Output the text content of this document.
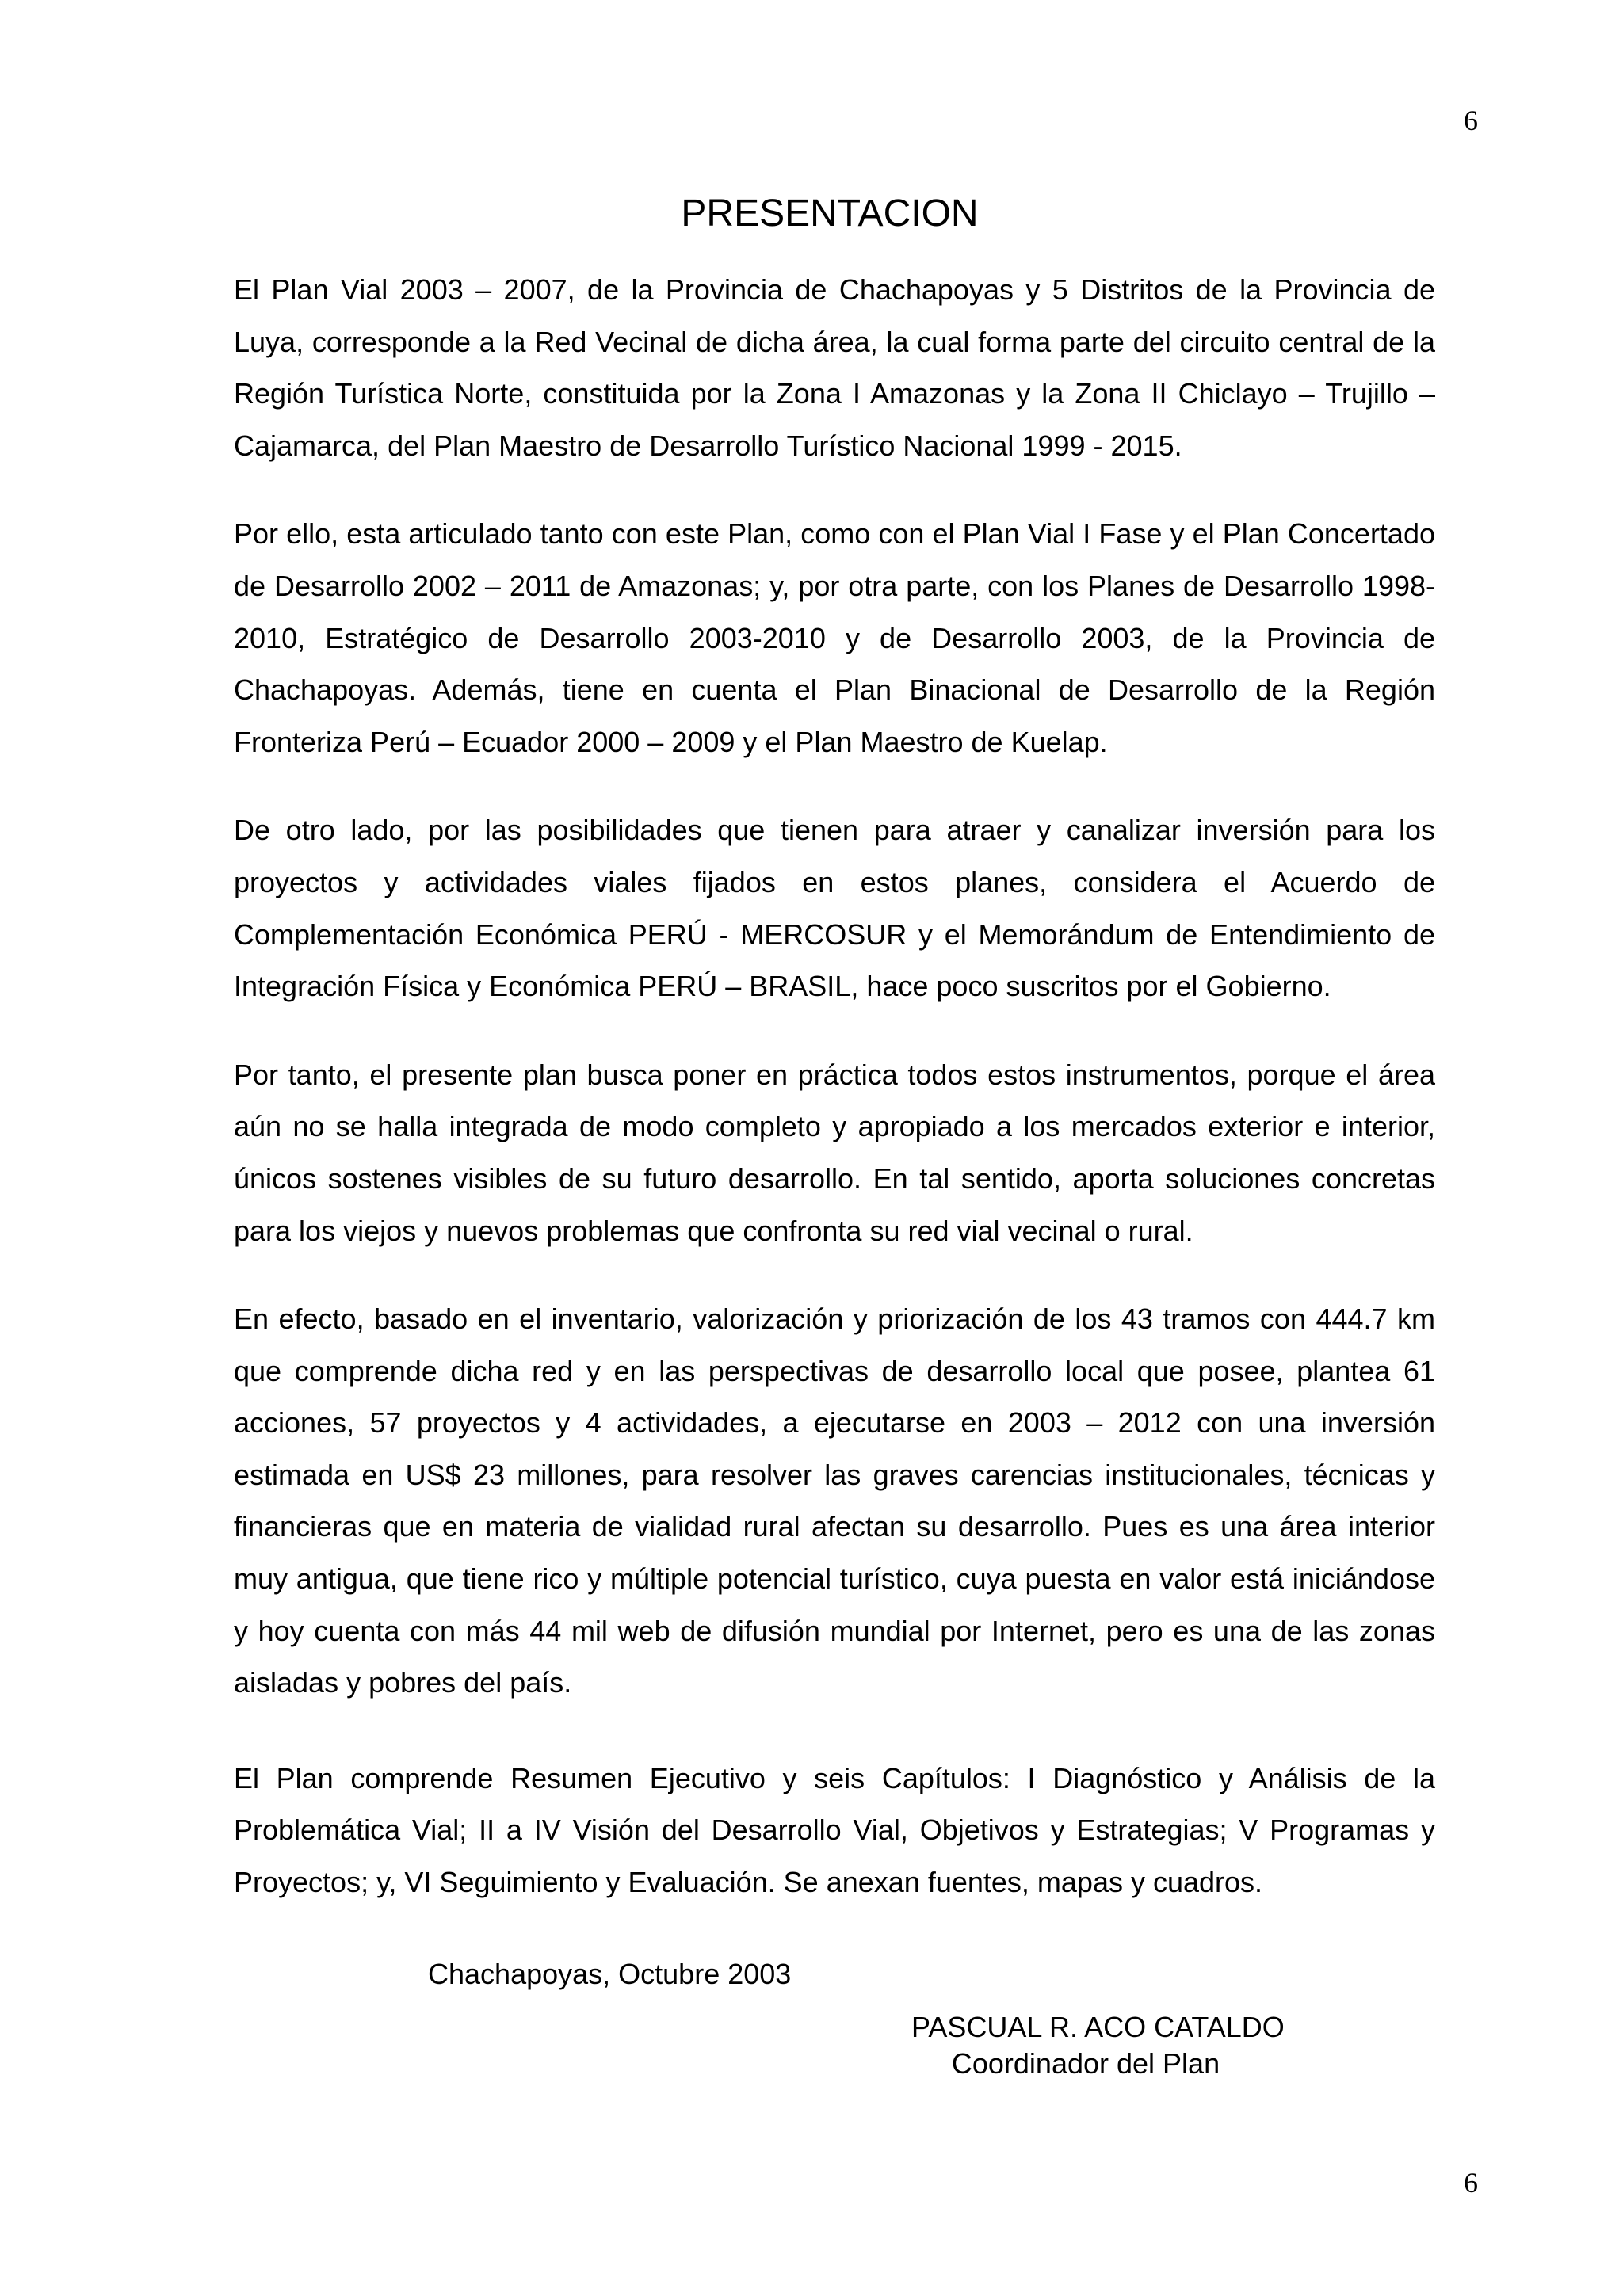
6
PRESENTACION

El Plan Vial 2003 – 2007, de la Provincia de Chachapoyas y 5 Distritos de la Provincia de Luya, corresponde a la Red Vecinal de dicha área, la cual forma parte del circuito central de la Región Turística Norte, constituida por la Zona I Amazonas y la Zona II Chiclayo – Trujillo – Cajamarca, del Plan Maestro de Desarrollo Turístico Nacional 1999 - 2015.

Por ello, esta articulado tanto con este Plan, como con el Plan Vial I Fase y el Plan Concertado de Desarrollo 2002 – 2011 de Amazonas; y, por otra parte, con los Planes de Desarrollo 1998-2010, Estratégico de Desarrollo 2003-2010 y de Desarrollo 2003, de la Provincia de Chachapoyas. Además, tiene en cuenta el Plan Binacional de Desarrollo de la Región Fronteriza Perú – Ecuador 2000 – 2009 y el Plan Maestro de Kuelap.

De otro lado, por las posibilidades que tienen para atraer y canalizar inversión para los proyectos y actividades viales fijados en estos planes, considera el Acuerdo de Complementación Económica PERÚ - MERCOSUR y el Memorándum de Entendimiento de Integración Física y Económica PERÚ – BRASIL, hace poco suscritos por el Gobierno.

Por tanto, el presente plan busca poner en práctica todos estos instrumentos, porque el área aún no se halla integrada de modo completo y apropiado a los mercados exterior e interior, únicos sostenes visibles de su futuro desarrollo. En tal sentido, aporta soluciones concretas para los viejos y nuevos problemas que confronta su red vial vecinal o rural.

En efecto, basado en el inventario, valorización y priorización de los 43 tramos con 444.7 km que comprende dicha red y en las perspectivas de desarrollo local que posee, plantea 61 acciones, 57 proyectos y 4 actividades, a ejecutarse en 2003 – 2012 con una inversión estimada en US$ 23 millones, para resolver las graves carencias institucionales, técnicas y financieras que en materia de vialidad rural afectan su desarrollo. Pues es una área interior muy antigua, que tiene rico y múltiple potencial turístico, cuya puesta en valor está iniciándose y hoy cuenta con más 44 mil web de difusión mundial por Internet, pero es una de las zonas aisladas y pobres del país.

El Plan comprende Resumen Ejecutivo y seis Capítulos: I Diagnóstico y Análisis de la Problemática Vial; II a IV Visión del Desarrollo Vial, Objetivos y Estrategias; V Programas y Proyectos; y, VI Seguimiento y Evaluación. Se anexan fuentes, mapas y cuadros.

Chachapoyas, Octubre 2003
PASCUAL R. ACO CATALDO
Coordinador del Plan
6
